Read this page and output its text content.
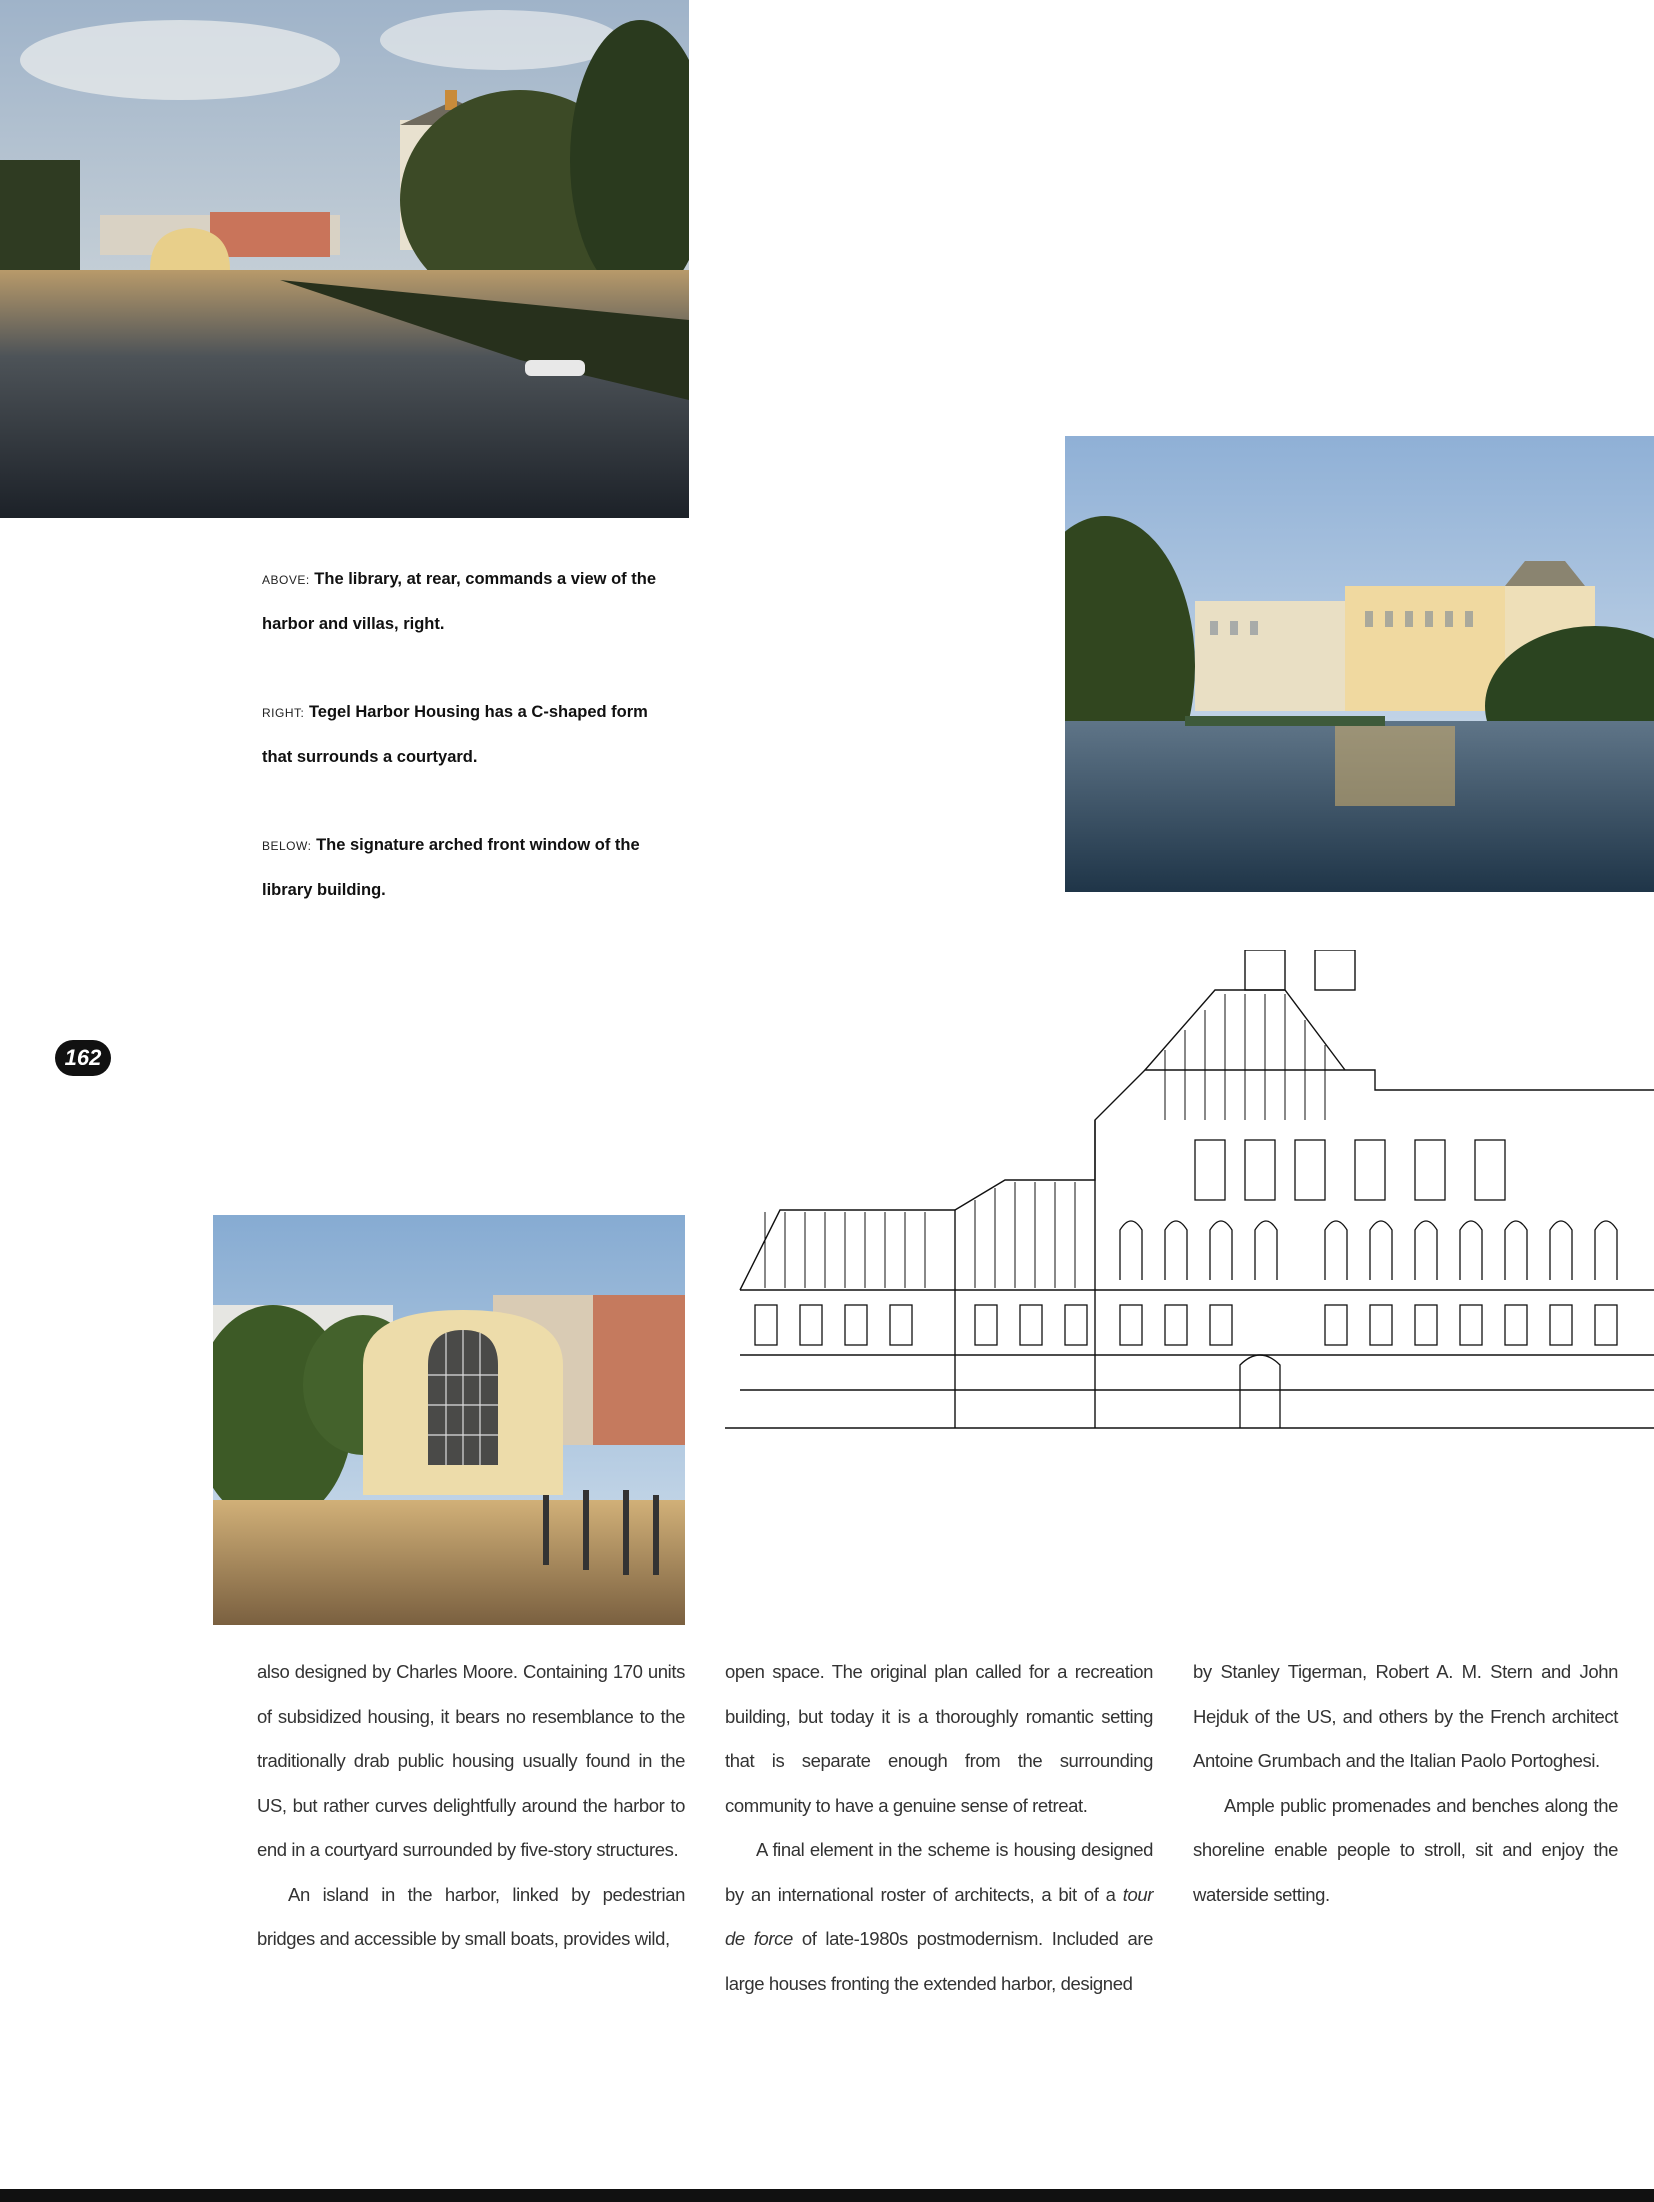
ABOVE: The library, at rear, commands a view of the harbor and villas, right.
RIGHT: Tegel Harbor Housing has a C-shaped form that surrounds a courtyard.
BELOW: The signature arched front window of the library building.
162

also designed by Charles Moore. Containing 170 units of subsidized housing, it bears no resemblance to the traditionally drab public housing usually found in the US, but rather curves delightfully around the harbor to end in a courtyard surrounded by five-story structures.

An island in the harbor, linked by pedestrian bridges and accessible by small boats, provides wild,

open space. The original plan called for a recreation building, but today it is a thoroughly romantic setting that is separate enough from the surrounding community to have a genuine sense of retreat.

A final element in the scheme is housing designed by an international roster of architects, a bit of a tour de force of late-1980s postmodernism. Included are large houses fronting the extended harbor, designed

by Stanley Tigerman, Robert A. M. Stern and John Hejduk of the US, and others by the French architect Antoine Grumbach and the Italian Paolo Portoghesi.

Ample public promenades and benches along the shoreline enable people to stroll, sit and enjoy the waterside setting.
